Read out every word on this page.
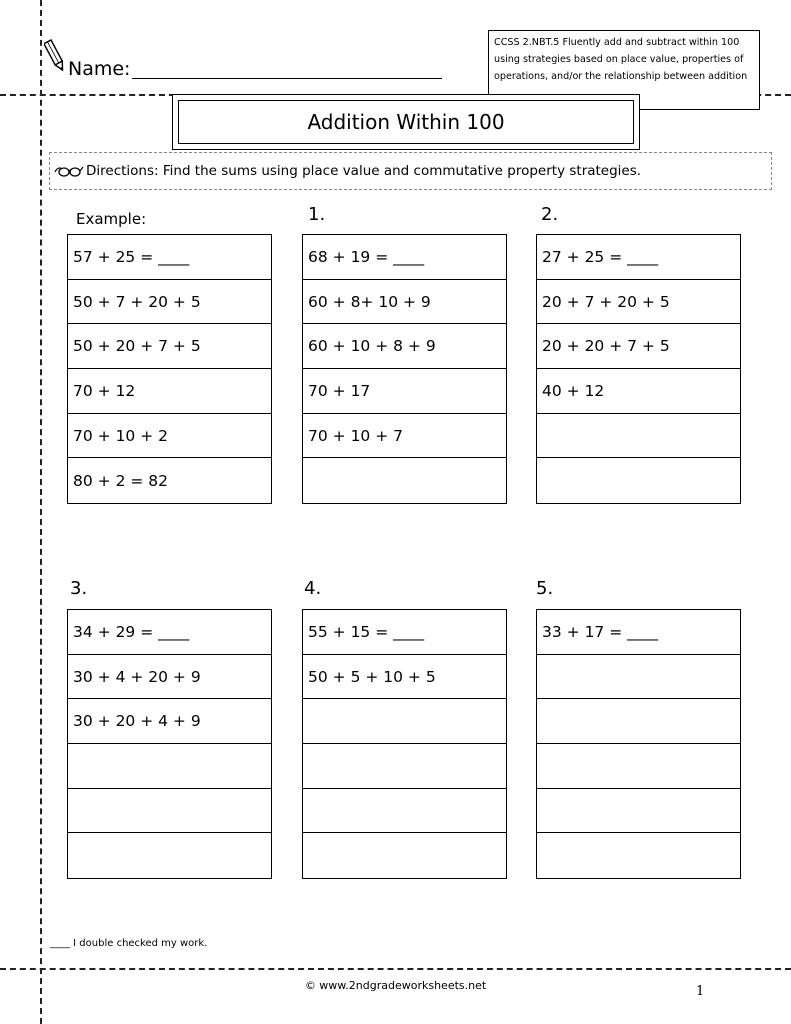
Name:
CCSS 2.NBT.5 Fluently add and subtract within 100 using strategies based on place value, properties of operations, and/or the relationship between addition
Addition Within 100
Directions: Find the sums using place value and commutative property strategies.
Example:
57 + 25 = ____
50 + 7 + 20 + 5
50 + 20 + 7 + 5
70 + 12
70 + 10 + 2
80 + 2 = 82
1.
68 + 19 = ____
60 + 8+ 10 + 9
60 + 10 + 8 + 9
70 + 17
70 + 10 + 7
2.
27 + 25 = ____
20 + 7 + 20 + 5
20 + 20 + 7 + 5
40 + 12
3.
34 + 29 = ____
30 + 4 + 20 + 9
30 + 20 + 4 + 9
4.
55 + 15 = ____
50 + 5 + 10 + 5
5.
33 + 17 = ____
____ I double checked my work.
© www.2ndgradeworksheets.net	1
